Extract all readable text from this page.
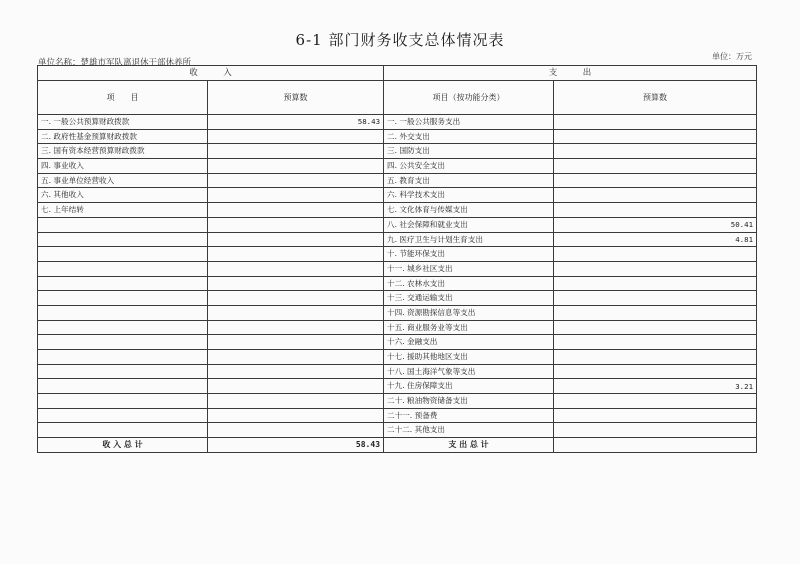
6-1 部门财务收支总体情况表
单位名称：楚雄市军队离退休干部休养所
单位：万元
收　　　入		支　　　出	
项　　目	预算数	项目（按功能分类）	预算数
一. 一般公共预算财政拨款	58.43	一. 一般公共服务支出	
二. 政府性基金预算财政拨款		二. 外交支出	
三. 国有资本经营预算财政拨款		三. 国防支出	
四. 事业收入		四. 公共安全支出	
五. 事业单位经营收入		五. 教育支出	
六. 其他收入		六. 科学技术支出	
七. 上年结转		七. 文化体育与传媒支出	
		八. 社会保障和就业支出	50.41
		九. 医疗卫生与计划生育支出	4.81
		十. 节能环保支出	
		十一. 城乡社区支出	
		十二. 农林水支出	
		十三. 交通运输支出	
		十四. 资源勘探信息等支出	
		十五. 商业服务业等支出	
		十六. 金融支出	
		十七. 援助其他地区支出	
		十八. 国土海洋气象等支出	
		十九. 住房保障支出	3.21
		二十. 粮油物资储备支出	
		二十一. 预备费	
		二十二. 其他支出	
收 入 总 计	58.43	支 出 总 计	
